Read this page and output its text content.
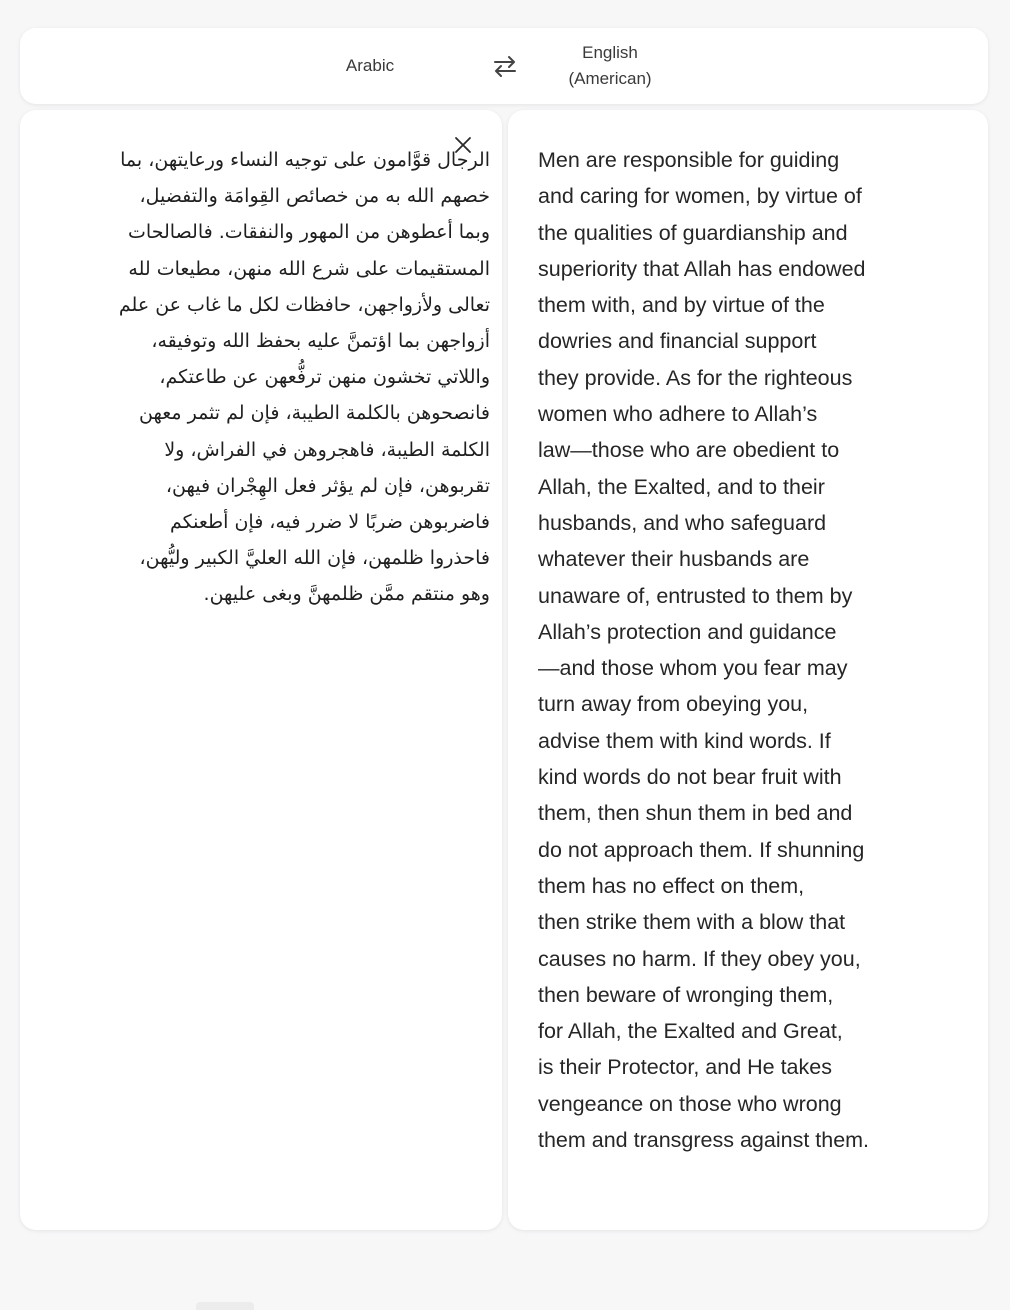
Arabic
English
(American)

الرجال قوَّامون على توجيه النساء ورعايتهن، بما خصهم الله به من خصائص القِوامَة والتفضيل، وبما أعطوهن من المهور والنفقات. فالصالحات المستقيمات على شرع الله منهن، مطيعات لله تعالى ولأزواجهن، حافظات لكل ما غاب عن علم أزواجهن بما اؤتمنَّ عليه بحفظ الله وتوفيقه، واللاتي تخشون منهن ترفُّعهن عن طاعتكم، فانصحوهن بالكلمة الطيبة، فإن لم تثمر معهن الكلمة الطيبة، فاهجروهن في الفراش، ولا تقربوهن، فإن لم يؤثر فعل الهِجْران فيهن، فاضربوهن ضربًا لا ضرر فيه، فإن أطعنكم فاحذروا ظلمهن، فإن الله العليَّ الكبير وليُّهن، وهو منتقم ممَّن ظلمهنَّ وبغى عليهن.

Men are responsible for guiding
and caring for women, by virtue of
the qualities of guardianship and
superiority that Allah has endowed
them with, and by virtue of the
dowries and financial support
they provide. As for the righteous
women who adhere to Allah’s
law—those who are obedient to
Allah, the Exalted, and to their
husbands, and who safeguard
whatever their husbands are
unaware of, entrusted to them by
Allah’s protection and guidance
—and those whom you fear may
turn away from obeying you,
advise them with kind words. If
kind words do not bear fruit with
them, then shun them in bed and
do not approach them. If shunning
them has no effect on them,
then strike them with a blow that
causes no harm. If they obey you,
then beware of wronging them,
for Allah, the Exalted and Great,
is their Protector, and He takes
vengeance on those who wrong
them and transgress against them.
